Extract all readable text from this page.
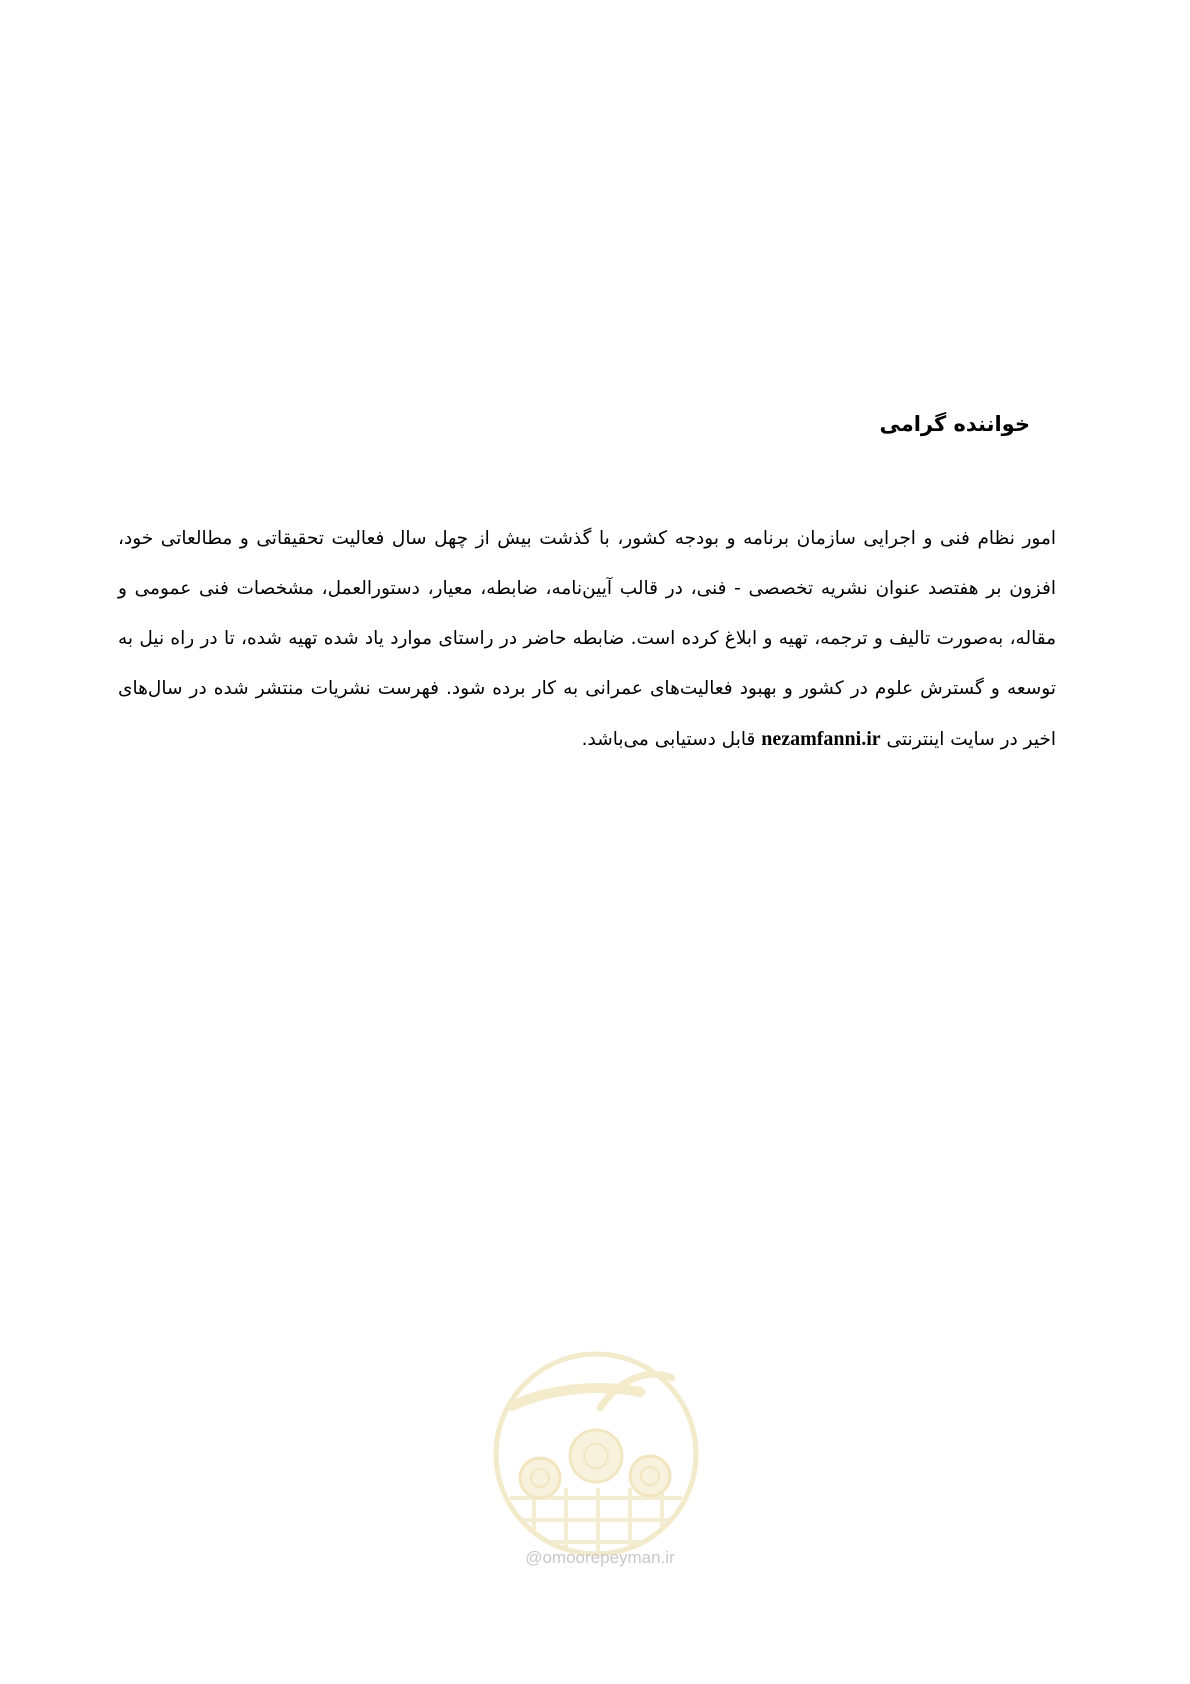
خواننده گرامی

امور نظام فنی و اجرایی سازمان برنامه و بودجه کشور، با گذشت بیش از چهل سال فعالیت تحقیقاتی و مطالعاتی خود، افزون بر هفتصد عنوان نشریه تخصصی - فنی، در قالب آیین‌نامه، ضابطه، معیار، دستورالعمل، مشخصات فنی عمومی و مقاله، به‌صورت تالیف و ترجمه، تهیه و ابلاغ کرده است. ضابطه حاضر در راستای موارد یاد شده تهیه شده، تا در راه نیل به توسعه و گسترش علوم در کشور و بهبود فعالیت‌های عمرانی به کار برده شود. فهرست نشریات منتشر شده در سال‌های اخیر در سایت اینترنتی nezamfanni.ir قابل دستیابی می‌باشد.

@omoorepeyman.ir
